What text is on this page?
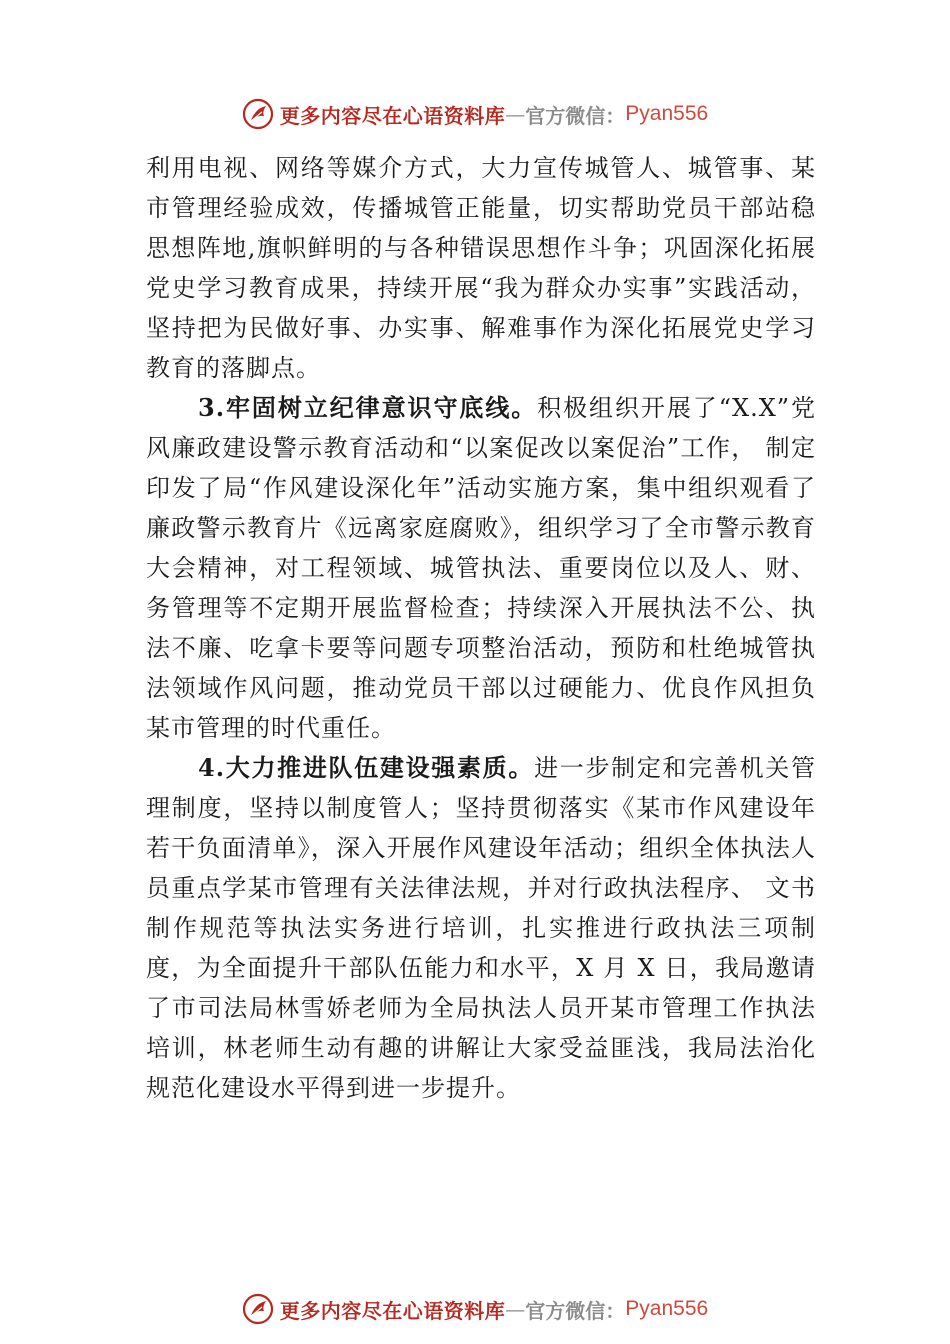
更多内容尽在心语资料库 — 官方微信： Pyan556

利用电视、网络等媒介方式，大力宣传城管人、城管事、某市管理经验成效，传播城管正能量，切实帮助党员干部站稳思想阵地,旗帜鲜明的与各种错误思想作斗争；巩固深化拓展党史学习教育成果，持续开展“我为群众办实事”实践活动，坚持把为民做好事、办实事、解难事作为深化拓展党史学习教育的落脚点。

3.牢固树立纪律意识守底线。积极组织开展了“X.X”党风廉政建设警示教育活动和“以案促改以案促治”工作， 制定印发了局“作风建设深化年”活动实施方案，集中组织观看了廉政警示教育片《远离家庭腐败》，组织学习了全市警示教育大会精神，对工程领域、城管执法、重要岗位以及人、财、务管理等不定期开展监督检查；持续深入开展执法不公、执法不廉、吃拿卡要等问题专项整治活动，预防和杜绝城管执法领域作风问题，推动党员干部以过硬能力、优良作风担负某市管理的时代重任。

4.大力推进队伍建设强素质。进一步制定和完善机关管理制度，坚持以制度管人；坚持贯彻落实《某市作风建设年若干负面清单》，深入开展作风建设年活动；组织全体执法人员重点学某市管理有关法律法规，并对行政执法程序、 文书制作规范等执法实务进行培训，扎实推进行政执法三项制度，为全面提升干部队伍能力和水平，X 月 X 日，我局邀请了市司法局林雪娇老师为全局执法人员开某市管理工作执法培训，林老师生动有趣的讲解让大家受益匪浅，我局法治化规范化建设水平得到进一步提升。

更多内容尽在心语资料库 — 官方微信： Pyan556
